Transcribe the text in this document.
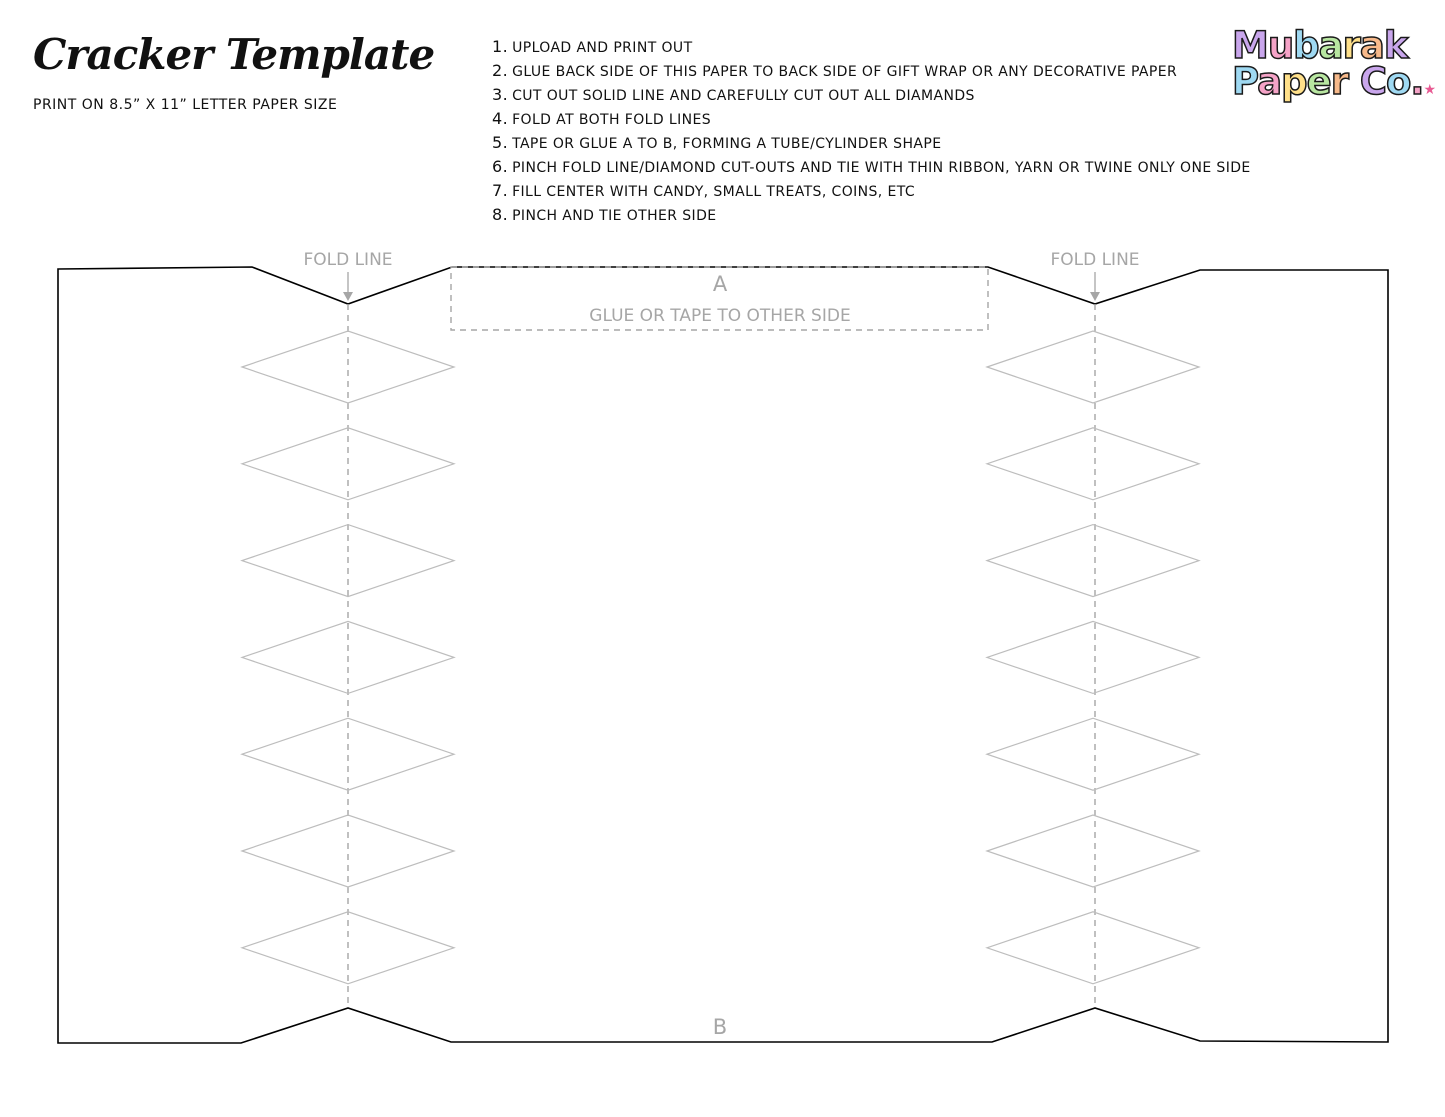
Cracker Template
PRINT ON 8.5” X 11” LETTER PAPER SIZE
1. UPLOAD AND PRINT OUT
2. GLUE BACK SIDE OF THIS PAPER TO BACK SIDE OF GIFT WRAP OR ANY DECORATIVE PAPER
3. CUT OUT SOLID LINE AND CAREFULLY CUT OUT ALL DIAMANDS
4. FOLD AT BOTH FOLD LINES
5. TAPE OR GLUE A TO B, FORMING A TUBE/CYLINDER SHAPE
6. PINCH FOLD LINE/DIAMOND CUT-OUTS AND TIE WITH THIN RIBBON, YARN OR TWINE ONLY ONE SIDE
7. FILL CENTER WITH CANDY, SMALL TREATS, COINS, ETC
8. PINCH AND TIE OTHER SIDE
Mubarak
Paper Co.★
FOLD LINE	FOLD LINE
A
GLUE OR TAPE TO OTHER SIDE
B
